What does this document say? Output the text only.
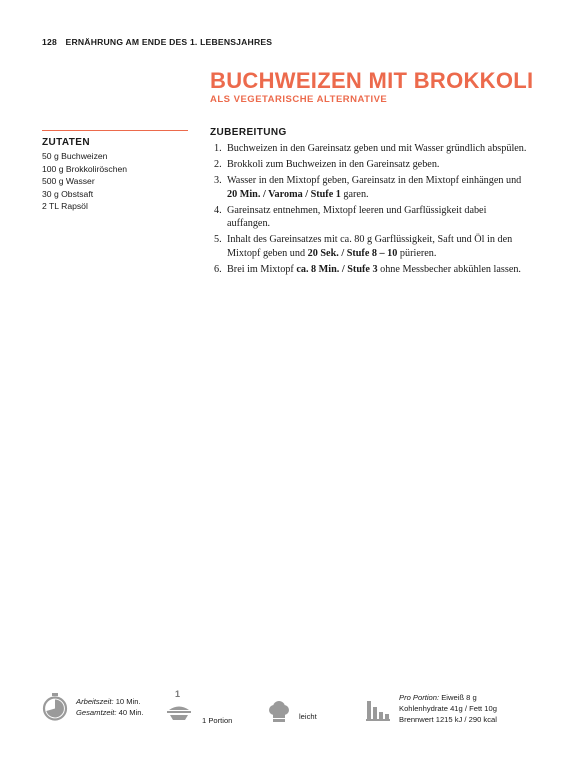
128 ERNÄHRUNG AM ENDE DES 1. LEBENSJAHRES
BUCHWEIZEN MIT BROKKOLI
ALS VEGETARISCHE ALTERNATIVE
ZUTATEN
50 g Buchweizen
100 g Brokkoliröschen
500 g Wasser
30 g Obstsaft
2 TL Rapsöl
ZUBEREITUNG
1. Buchweizen in den Gareinsatz geben und mit Wasser gründlich abspülen.
2. Brokkoli zum Buchweizen in den Gareinsatz geben.
3. Wasser in den Mixtopf geben, Gareinsatz in den Mixtopf einhängen und 20 Min. / Varoma / Stufe 1 garen.
4. Gareinsatz entnehmen, Mixtopf leeren und Garflüssigkeit dabei auffangen.
5. Inhalt des Gareinsatzes mit ca. 80 g Garflüssigkeit, Saft und Öl in den Mixtopf geben und 20 Sek. / Stufe 8 – 10 pürieren.
6. Brei im Mixtopf ca. 8 Min. / Stufe 3 ohne Messbecher abkühlen lassen.
Arbeitszeit: 10 Min.
Gesamtzeit: 40 Min.
1
1 Portion	leicht
Pro Portion: Eiweiß 8 g
Kohlenhydrate 41g / Fett 10g
Brennwert 1215 kJ / 290 kcal
